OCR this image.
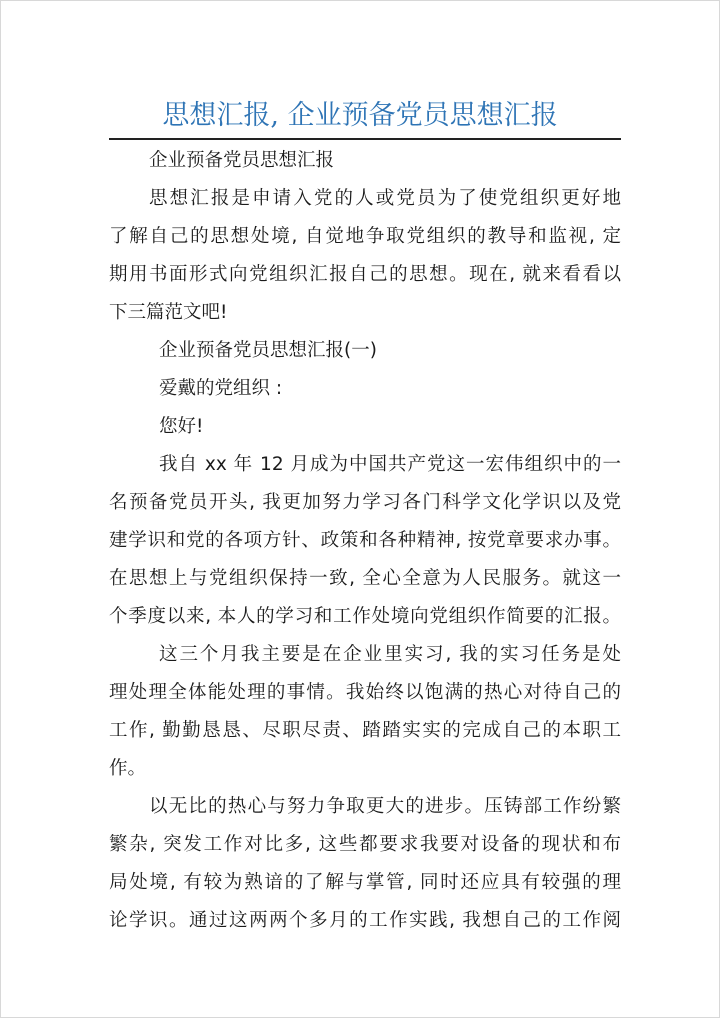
思想汇报, 企业预备党员思想汇报
企业预备党员思想汇报
思想汇报是申请入党的人或党员为了使党组织更好地
了解自己的思想处境, 自觉地争取党组织的教导和监视, 定
期用书面形式向党组织汇报自己的思想。现在, 就来看看以
下三篇范文吧!
企业预备党员思想汇报(一)
爱戴的党组织 :
您好!
我自 xx 年 12 月成为中国共产党这一宏伟组织中的一
名预备党员开头, 我更加努力学习各门科学文化学识以及党
建学识和党的各项方针、政策和各种精神, 按党章要求办事。
在思想上与党组织保持一致, 全心全意为人民服务。就这一
个季度以来, 本人的学习和工作处境向党组织作简要的汇报。
这三个月我主要是在企业里实习, 我的实习任务是处
理处理全体能处理的事情。我始终以饱满的热心对待自己的
工作, 勤勤恳恳、尽职尽责、踏踏实实的完成自己的本职工
作。
以无比的热心与努力争取更大的进步。压铸部工作纷繁
繁杂, 突发工作对比多, 这些都要求我要对设备的现状和布
局处境, 有较为熟谙的了解与掌管, 同时还应具有较强的理
论学识。通过这两两个多月的工作实践, 我想自己的工作阅
